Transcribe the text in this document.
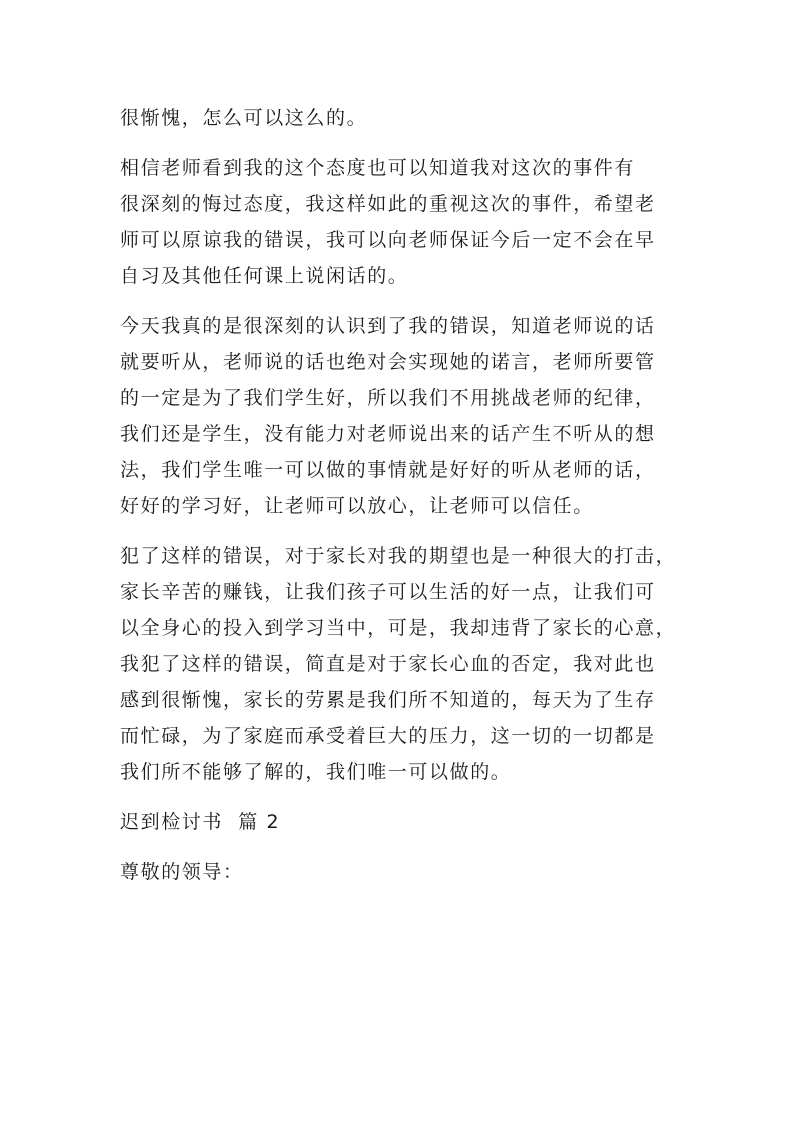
很惭愧，怎么可以这么的。
相信老师看到我的这个态度也可以知道我对这次的事件有
很深刻的悔过态度，我这样如此的重视这次的事件，希望老
师可以原谅我的错误，我可以向老师保证今后一定不会在早
自习及其他任何课上说闲话的。
今天我真的是很深刻的认识到了我的错误，知道老师说的话
就要听从，老师说的话也绝对会实现她的诺言，老师所要管
的一定是为了我们学生好，所以我们不用挑战老师的纪律，
我们还是学生，没有能力对老师说出来的话产生不听从的想
法，我们学生唯一可以做的事情就是好好的听从老师的话，
好好的学习好，让老师可以放心，让老师可以信任。
犯了这样的错误，对于家长对我的期望也是一种很大的打击，
家长辛苦的赚钱，让我们孩子可以生活的好一点，让我们可
以全身心的投入到学习当中，可是，我却违背了家长的心意，
我犯了这样的错误，简直是对于家长心血的否定，我对此也
感到很惭愧，家长的劳累是我们所不知道的，每天为了生存
而忙碌，为了家庭而承受着巨大的压力，这一切的一切都是
我们所不能够了解的，我们唯一可以做的。
迟到检讨书  篇 2
尊敬的领导：
